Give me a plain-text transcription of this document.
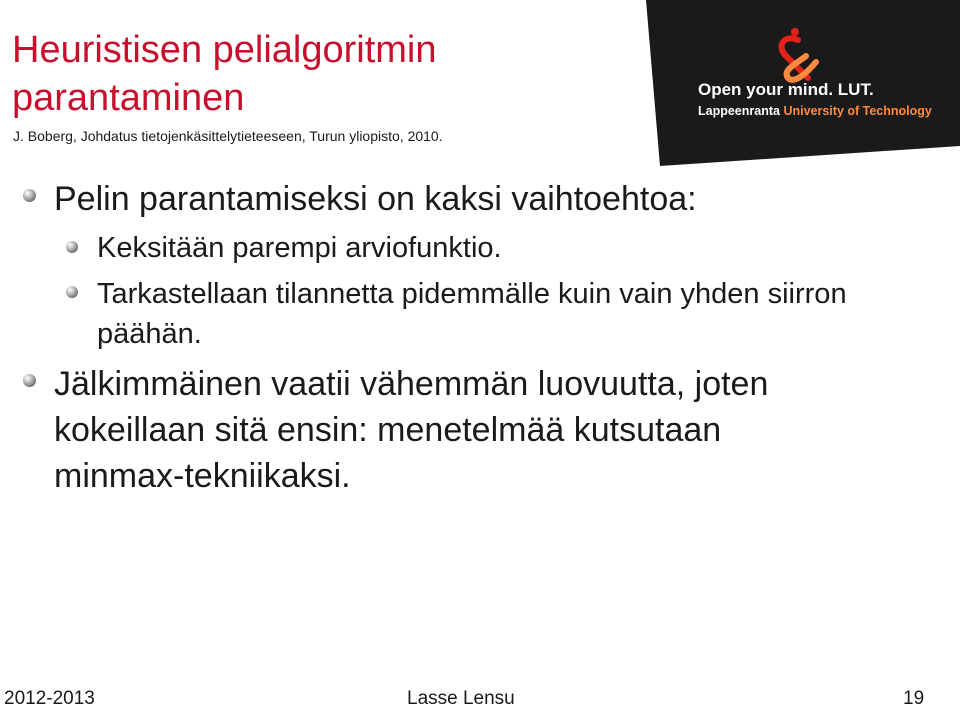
Heuristisen pelialgoritmin parantaminen
J. Boberg, Johdatus tietojenkäsittelytieteeseen, Turun yliopisto, 2010.
Open your mind. LUT.
Lappeenranta University of Technology
Pelin parantamiseksi on kaksi vaihtoehtoa:
Keksitään parempi arviofunktio.
Tarkastellaan tilannetta pidemmälle kuin vain yhden siirron päähän.
Jälkimmäinen vaatii vähemmän luovuutta, joten kokeillaan sitä ensin: menetelmää kutsutaan minmax-tekniikaksi.
2012-2013	Lasse Lensu	19
